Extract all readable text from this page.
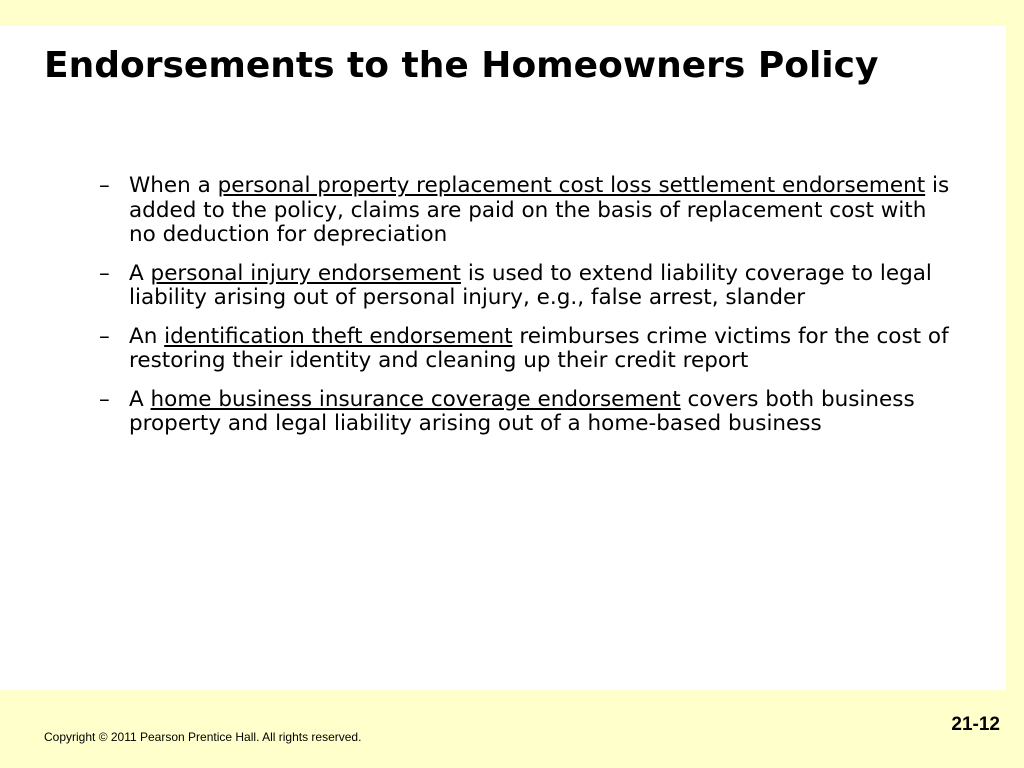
Endorsements to the Homeowners Policy
– When a personal property replacement cost loss settlement endorsement is added to the policy, claims are paid on the basis of replacement cost with no deduction for depreciation
– A personal injury endorsement is used to extend liability coverage to legal liability arising out of personal injury, e.g., false arrest, slander
– An identification theft endorsement reimburses crime victims for the cost of restoring their identity and cleaning up their credit report
– A home business insurance coverage endorsement covers both business property and legal liability arising out of a home-based business
Copyright © 2011 Pearson Prentice Hall. All rights reserved.
21-12
